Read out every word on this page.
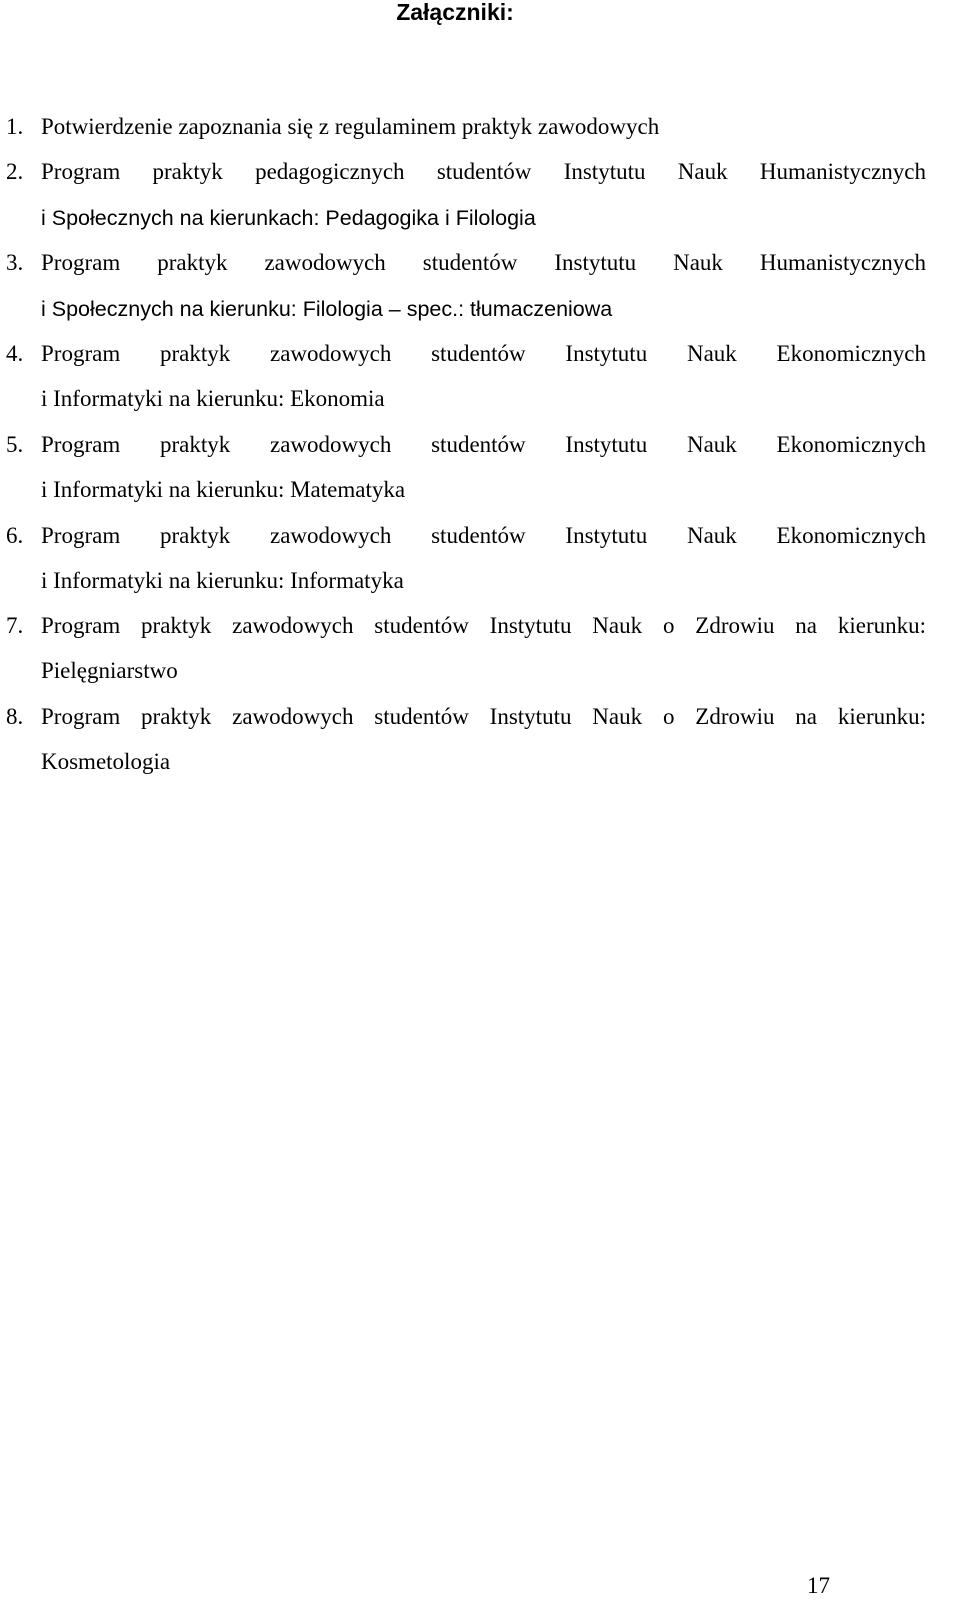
Załączniki:
1. Potwierdzenie zapoznania się z regulaminem praktyk zawodowych
2. Program praktyk pedagogicznych studentów Instytutu Nauk Humanistycznych
i Społecznych na kierunkach: Pedagogika i Filologia
3. Program praktyk zawodowych studentów Instytutu Nauk Humanistycznych
i Społecznych na kierunku: Filologia – spec.: tłumaczeniowa
4. Program praktyk zawodowych studentów Instytutu Nauk Ekonomicznych
i Informatyki na kierunku: Ekonomia
5. Program praktyk zawodowych studentów Instytutu Nauk Ekonomicznych
i Informatyki na kierunku: Matematyka
6. Program praktyk zawodowych studentów Instytutu Nauk Ekonomicznych
i Informatyki na kierunku: Informatyka
7. Program praktyk zawodowych studentów Instytutu Nauk o Zdrowiu na kierunku:
Pielęgniarstwo
8. Program praktyk zawodowych studentów Instytutu Nauk o Zdrowiu na kierunku:
Kosmetologia
17
